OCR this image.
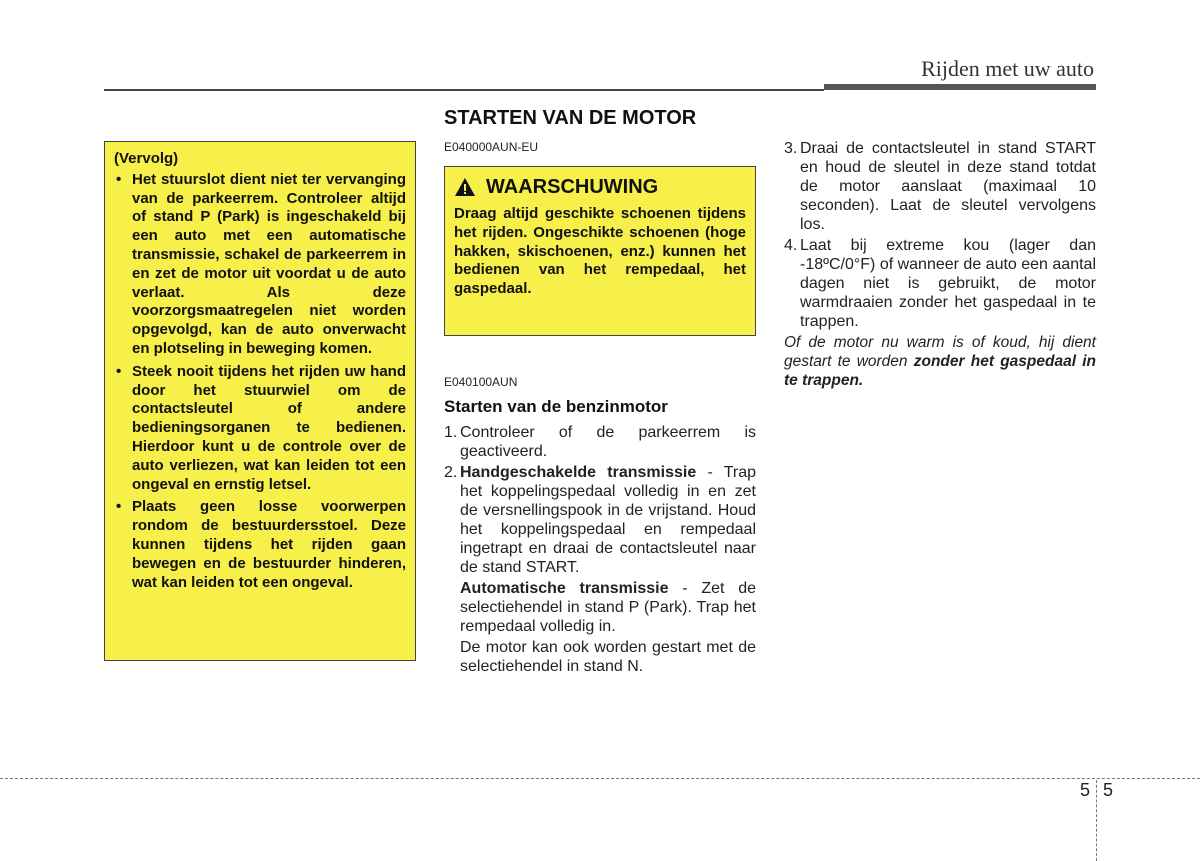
Rijden met uw auto
(Vervolg)
• Het stuurslot dient niet ter vervanging van de parkeerrem. Controleer altijd of stand P (Park) is ingeschakeld bij een auto met een automatische transmissie, schakel de parkeerrem in en zet de motor uit voordat u de auto verlaat. Als deze voorzorgsmaatregelen niet worden opgevolgd, kan de auto onverwacht en plotseling in beweging komen.
• Steek nooit tijdens het rijden uw hand door het stuurwiel om de contactsleutel of andere bedieningsorganen te bedienen. Hierdoor kunt u de controle over de auto verliezen, wat kan leiden tot een ongeval en ernstig letsel.
• Plaats geen losse voorwerpen rondom de bestuurdersstoel. Deze kunnen tijdens het rijden gaan bewegen en de bestuurder hinderen, wat kan leiden tot een ongeval.
STARTEN VAN DE MOTOR
E040000AUN-EU
WAARSCHUWING
Draag altijd geschikte schoenen tijdens het rijden. Ongeschikte schoenen (hoge hakken, skischoenen, enz.) kunnen het bedienen van het rempedaal, het gaspedaal.
E040100AUN
Starten van de benzinmotor
1. Controleer of de parkeerrem is geactiveerd.

2. Handgeschakelde transmissie - Trap het koppelingspedaal volledig in en zet de versnellingspook in de vrijstand. Houd het koppelingspedaal en rempedaal ingetrapt en draai de contactsleutel naar de stand START.

Automatische transmissie - Zet de selectiehendel in stand P (Park). Trap het rempedaal volledig in.

De motor kan ook worden gestart met de selectiehendel in stand N.

3. Draai de contactsleutel in stand START en houd de sleutel in deze stand totdat de motor aanslaat (maximaal 10 seconden). Laat de sleutel vervolgens los.

4. Laat bij extreme kou (lager dan -18ºC/0°F) of wanneer de auto een aantal dagen niet is gebruikt, de motor warmdraaien zonder het gaspedaal in te trappen.

Of de motor nu warm is of koud, hij dient gestart te worden zonder het gaspedaal in te trappen.
5 5
